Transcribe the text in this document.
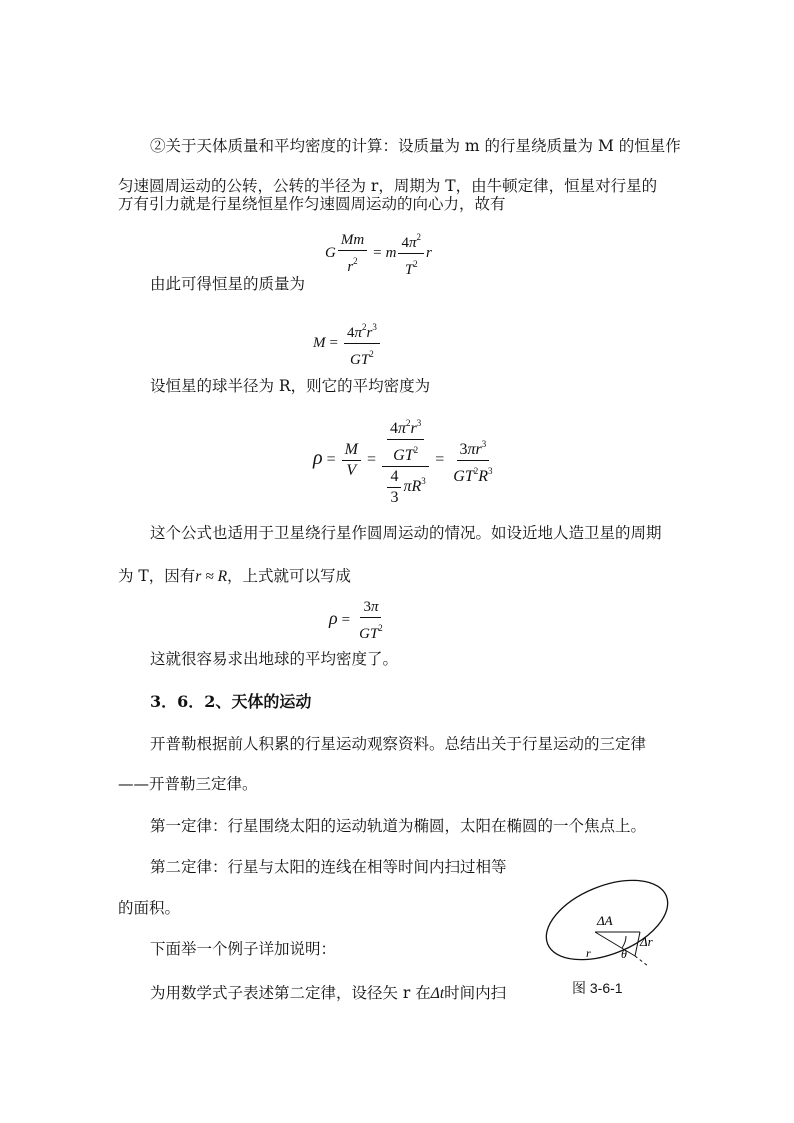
②关于天体质量和平均密度的计算：设质量为 m 的行星绕质量为 M 的恒星作
匀速圆周运动的公转，公转的半径为 r，周期为 T，由牛顿定律，恒星对行星的
万有引力就是行星绕恒星作匀速圆周运动的向心力，故有
G $\frac{Mm}{r^2} = m \frac{4\pi^2}{T^2}$ r
由此可得恒星的质量为
$M = \frac{4\pi^2r^3}{GT^2}$
设恒星的球半径为 R，则它的平均密度为
$\rho = \frac{M}{V} = \frac{\frac{4\pi^2r^3}{GT^2}}{\frac{4}{3} \pi R^3} = \frac{3\pi r^3}{GT^2R^3}$
这个公式也适用于卫星绕行星作圆周运动的情况。如设近地人造卫星的周期
为 T，因有r ≈ R，上式就可以写成
$\rho = \frac{3\pi}{GT^2}$
这就很容易求出地球的平均密度了。
3．6．2、天体的运动
开普勒根据前人积累的行星运动观察资料。总结出关于行星运动的三定律
——开普勒三定律。
第一定律：行星围绕太阳的运动轨道为椭圆，太阳在椭圆的一个焦点上。
第二定律：行星与太阳的连线在相等时间内扫过相等
的面积。
下面举一个例子详加说明：
为用数学式子表述第二定律，设径矢 r 在Δt时间内扫
ΔA
Δr
r	θ
图 3-6-1
